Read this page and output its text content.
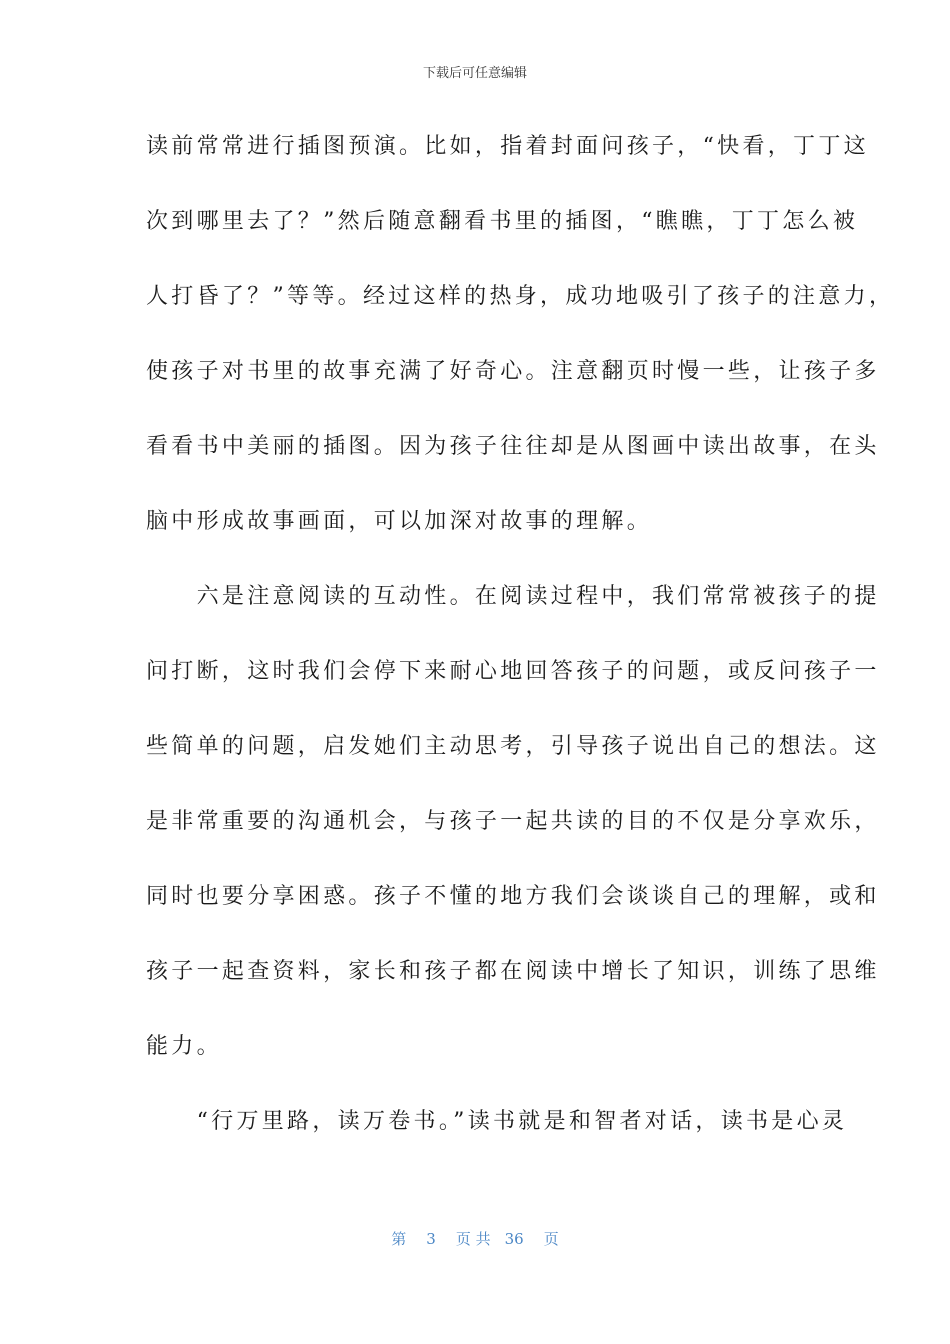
下载后可任意编辑
读前常常进行插图预演。比如，指着封面问孩子，“快看，丁丁这
次到哪里去了？”然后随意翻看书里的插图，“瞧瞧，丁丁怎么被
人打昏了？”等等。经过这样的热身，成功地吸引了孩子的注意力，
使孩子对书里的故事充满了好奇心。注意翻页时慢一些，让孩子多
看看书中美丽的插图。因为孩子往往却是从图画中读出故事，在头
脑中形成故事画面，可以加深对故事的理解。
　　六是注意阅读的互动性。在阅读过程中，我们常常被孩子的提
问打断，这时我们会停下来耐心地回答孩子的问题，或反问孩子一
些简单的问题，启发她们主动思考，引导孩子说出自己的想法。这
是非常重要的沟通机会，与孩子一起共读的目的不仅是分享欢乐，
同时也要分享困惑。孩子不懂的地方我们会谈谈自己的理解，或和
孩子一起查资料，家长和孩子都在阅读中增长了知识，训练了思维
能力。
　　“行万里路，读万卷书。”读书就是和智者对话，读书是心灵
第 3 页 共 36 页
